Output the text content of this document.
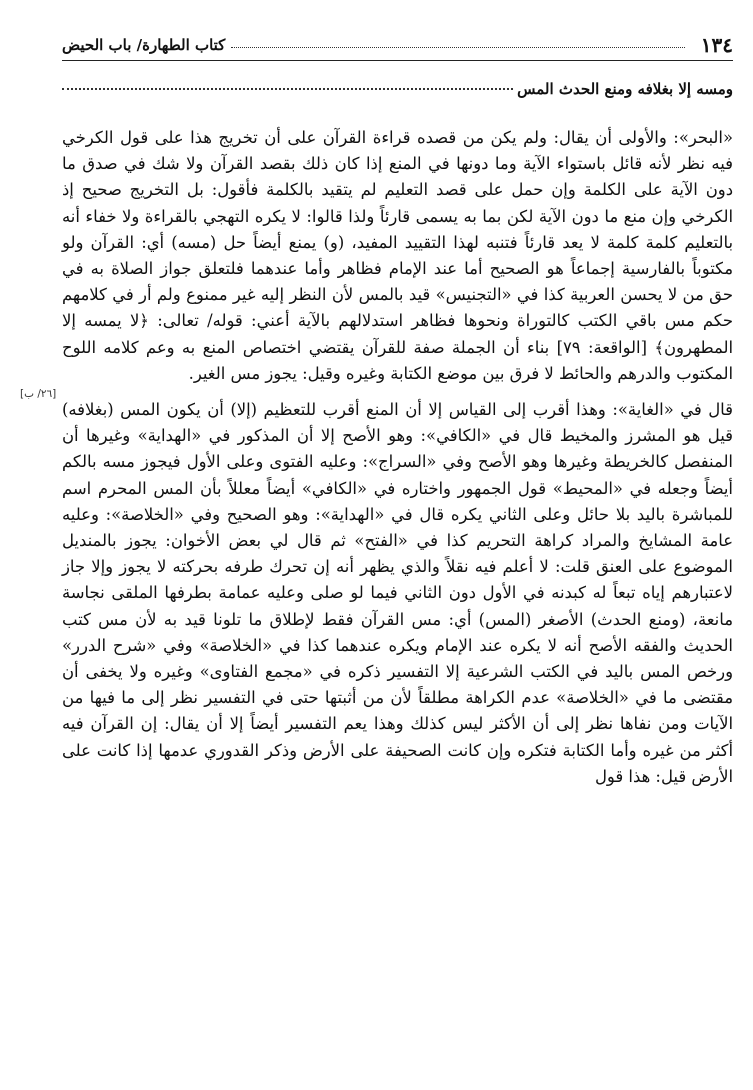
١٣٤
كتاب الطهارة/ باب الحيض
ومسه إلا بغلافه ومنع الحدث المس
[٢٦/ ب]

«البحر»: والأولى أن يقال: ولم يكن من قصده قراءة القرآن على أن تخريج هذا على قول الكرخي فيه نظر لأنه قائل باستواء الآية وما دونها في المنع إذا كان ذلك بقصد القرآن ولا شك في صدق ما دون الآية على الكلمة وإن حمل على قصد التعليم لم يتقيد بالكلمة فأقول: بل التخريج صحيح إذ الكرخي وإن منع ما دون الآية لكن بما به يسمى قارئاً ولذا قالوا: لا يكره التهجي بالقراءة ولا خفاء أنه بالتعليم كلمة كلمة لا يعد قارئاً فتنبه لهذا التقييد المفيد، (و) يمنع أيضاً حل (مسه) أي: القرآن ولو مكتوباً بالفارسية إجماعاً هو الصحيح أما عند الإمام فظاهر وأما عندهما فلتعلق جواز الصلاة به في حق من لا يحسن العربية كذا في «التجنيس» قيد بالمس لأن النظر إليه غير ممنوع ولم أر في كلامهم حكم مس باقي الكتب كالتوراة ونحوها فظاهر استدلالهم بالآية أعني: قوله/ تعالى: ﴿لا يمسه إلا المطهرون﴾ [الواقعة: ٧٩] بناء أن الجملة صفة للقرآن يقتضي اختصاص المنع به وعم كلامه اللوح المكتوب والدرهم والحائط لا فرق بين موضع الكتابة وغيره وقيل: يجوز مس الغير.

قال في «الغاية»: وهذا أقرب إلى القياس إلا أن المنع أقرب للتعظيم (إلا) أن يكون المس (بغلافه) قيل هو المشرز والمخيط قال في «الكافي»: وهو الأصح إلا أن المذكور في «الهداية» وغيرها أن المنفصل كالخريطة وغيرها وهو الأصح وفي «السراج»: وعليه الفتوى وعلى الأول فيجوز مسه بالكم أيضاً وجعله في «المحيط» قول الجمهور واختاره في «الكافي» أيضاً معللاً بأن المس المحرم اسم للمباشرة باليد بلا حائل وعلى الثاني يكره قال في «الهداية»: وهو الصحيح وفي «الخلاصة»: وعليه عامة المشايخ والمراد كراهة التحريم كذا في «الفتح» ثم قال لي بعض الأخوان: يجوز بالمنديل الموضوع على العنق قلت: لا أعلم فيه نقلاً والذي يظهر أنه إن تحرك طرفه بحركته لا يجوز وإلا جاز لاعتبارهم إياه تبعاً له كبدنه في الأول دون الثاني فيما لو صلى وعليه عمامة بطرفها الملقى نجاسة مانعة، (ومنع الحدث) الأصغر (المس) أي: مس القرآن فقط لإطلاق ما تلونا قيد به لأن مس كتب الحديث والفقه الأصح أنه لا يكره عند الإمام ويكره عندهما كذا في «الخلاصة» وفي «شرح الدرر» ورخص المس باليد في الكتب الشرعية إلا التفسير ذكره في «مجمع الفتاوى» وغيره ولا يخفى أن مقتضى ما في «الخلاصة» عدم الكراهة مطلقاً لأن من أثبتها حتى في التفسير نظر إلى ما فيها من الآيات ومن نفاها نظر إلى أن الأكثر ليس كذلك وهذا يعم التفسير أيضاً إلا أن يقال: إن القرآن فيه أكثر من غيره وأما الكتابة فتكره وإن كانت الصحيفة على الأرض وذكر القدوري عدمها إذا كانت على الأرض قيل: هذا قول
